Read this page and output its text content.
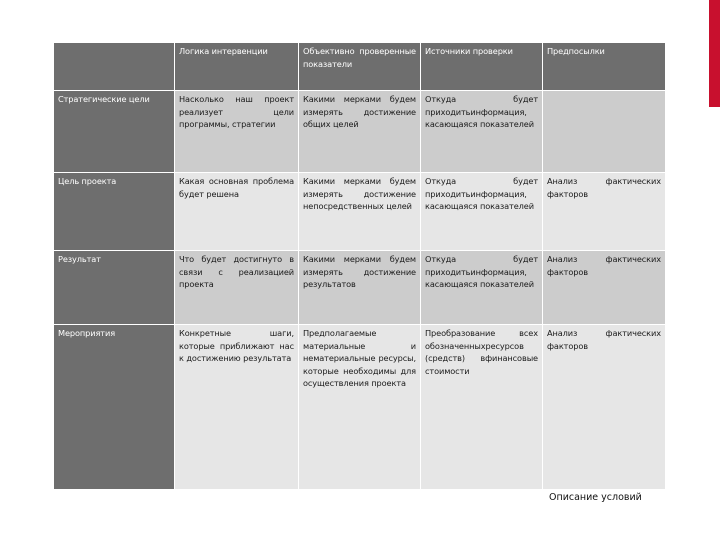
	Логика интервенции	Объективно проверенные показатели	Источники проверки	Предпосылки
Стратегические цели	Насколько наш проект реализует цели программы, стратегии	Какими мерками будем измерять достижение общих целей	Откуда будет приходитьинформация, касающаяся показателей	
Цель проекта	Какая основная проблема будет решена	Какими мерками будем измерять достижение непосредственных целей	Откуда будет приходитьинформация, касающаяся показателей	Анализ фактических факторов
Результат	Что будет достигнуто в связи с реализацией проекта	Какими мерками будем измерять достижение результатов	Откуда будет приходитьинформация, касающаяся показателей	Анализ фактических факторов
Мероприятия	Конкретные шаги, которые приближают нас к достижению результата	Предполагаемые материальные и нематериальные ресурсы, которые необходимы для осуществления проекта	Преобразование всех обозначенныхресурсов (средств) вфинансовые стоимости	Анализ фактических факторов
Описание условий
